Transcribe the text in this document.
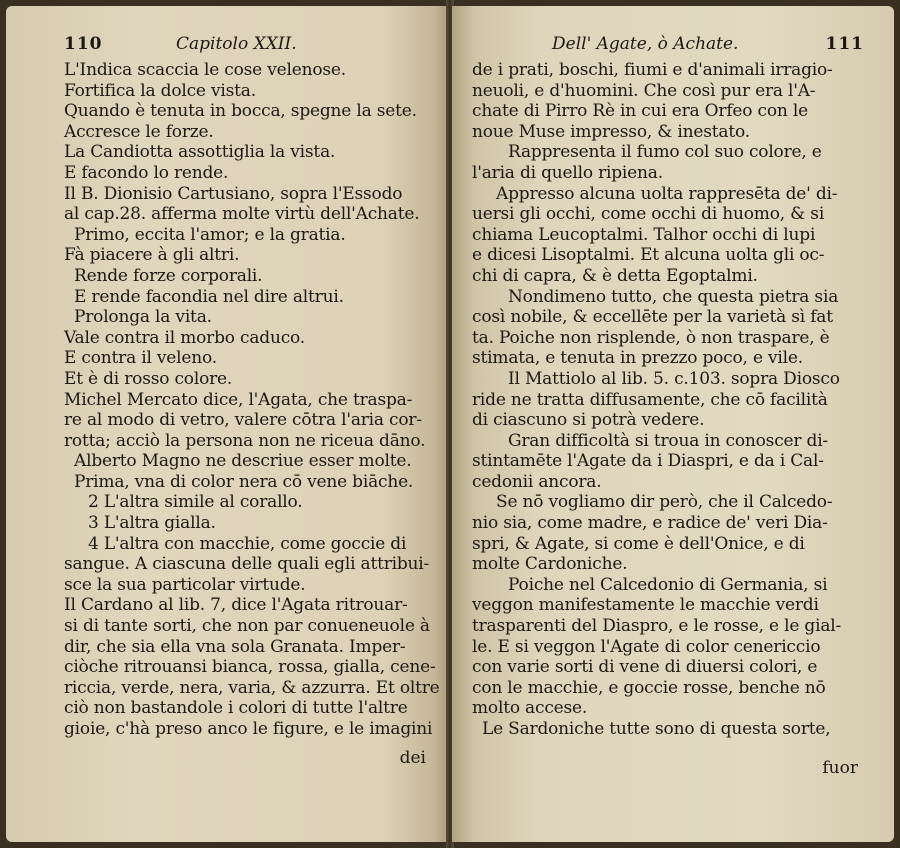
110	Capitolo XXII.
L'Indica scaccia le cose velenose.
Fortifica la dolce vista.
Quando è tenuta in bocca, spegne la sete.
Accresce le forze.
La Candiotta assottiglia la vista.
E facondo lo rende.
Il B. Dionisio Cartusiano, sopra l'Essodo
al cap.28. afferma molte virtù dell'Achate.
Primo, eccita l'amor; e la gratia.
Fà piacere à gli altri.
Rende forze corporali.
E rende facondia nel dire altrui.
Prolonga la vita.
Vale contra il morbo caduco.
E contra il veleno.
Et è di rosso colore.
Michel Mercato dice, l'Agata, che traspa-
re al modo di vetro, valere cōtra l'aria cor-
rotta; acciò la persona non ne riceua dāno.
Alberto Magno ne descriue esser molte.
Prima, vna di color nera cō vene biāche.
2 L'altra simile al corallo.
3 L'altra gialla.
4 L'altra con macchie, come goccie di
sangue. A ciascuna delle quali egli attribui-
sce la sua particolar virtude.
Il Cardano al lib. 7, dice l'Agata ritrouar-
si di tante sorti, che non par conueneuole à
dir, che sia ella vna sola Granata. Imper-
ciòche ritrouansi bianca, rossa, gialla, cene-
riccia, verde, nera, varia, & azzurra. Et oltre
ciò non bastandole i colori di tutte l'altre
gioie, c'hà preso anco le figure, e le imagini
dei
Dell' Agate, ò Achate.	111
de i prati, boschi, fiumi e d'animali irragio-
neuoli, e d'huomini. Che così pur era l'A-
chate di Pirro Rè in cui era Orfeo con le
noue Muse impresso, & inestato.
Rappresenta il fumo col suo colore, e
l'aria di quello ripiena.
Appresso alcuna uolta rappresēta de' di-
uersi gli occhi, come occhi di huomo, & si
chiama Leucoptalmi. Talhor occhi di lupi
e dicesi Lisoptalmi. Et alcuna uolta gli oc-
chi di capra, & è detta Egoptalmi.
Nondimeno tutto, che questa pietra sia
così nobile, & eccellēte per la varietà sì fat
ta. Poiche non risplende, ò non traspare, è
stimata, e tenuta in prezzo poco, e vile.
Il Mattiolo al lib. 5. c.103. sopra Diosco
ride ne tratta diffusamente, che cō facilità
di ciascuno si potrà vedere.
Gran difficoltà si troua in conoscer di-
stintamēte l'Agate da i Diaspri, e da i Cal-
cedonii ancora.
Se nō vogliamo dir però, che il Calcedo-
nio sia, come madre, e radice de' veri Dia-
spri, & Agate, si come è dell'Onice, e di
molte Cardoniche.
Poiche nel Calcedonio di Germania, si
veggon manifestamente le macchie verdi
trasparenti del Diaspro, e le rosse, e le gial-
le. E si veggon l'Agate di color cenericcio
con varie sorti di vene di diuersi colori, e
con le macchie, e goccie rosse, benche nō
molto accese.
Le Sardoniche tutte sono di questa sorte,
fuor
